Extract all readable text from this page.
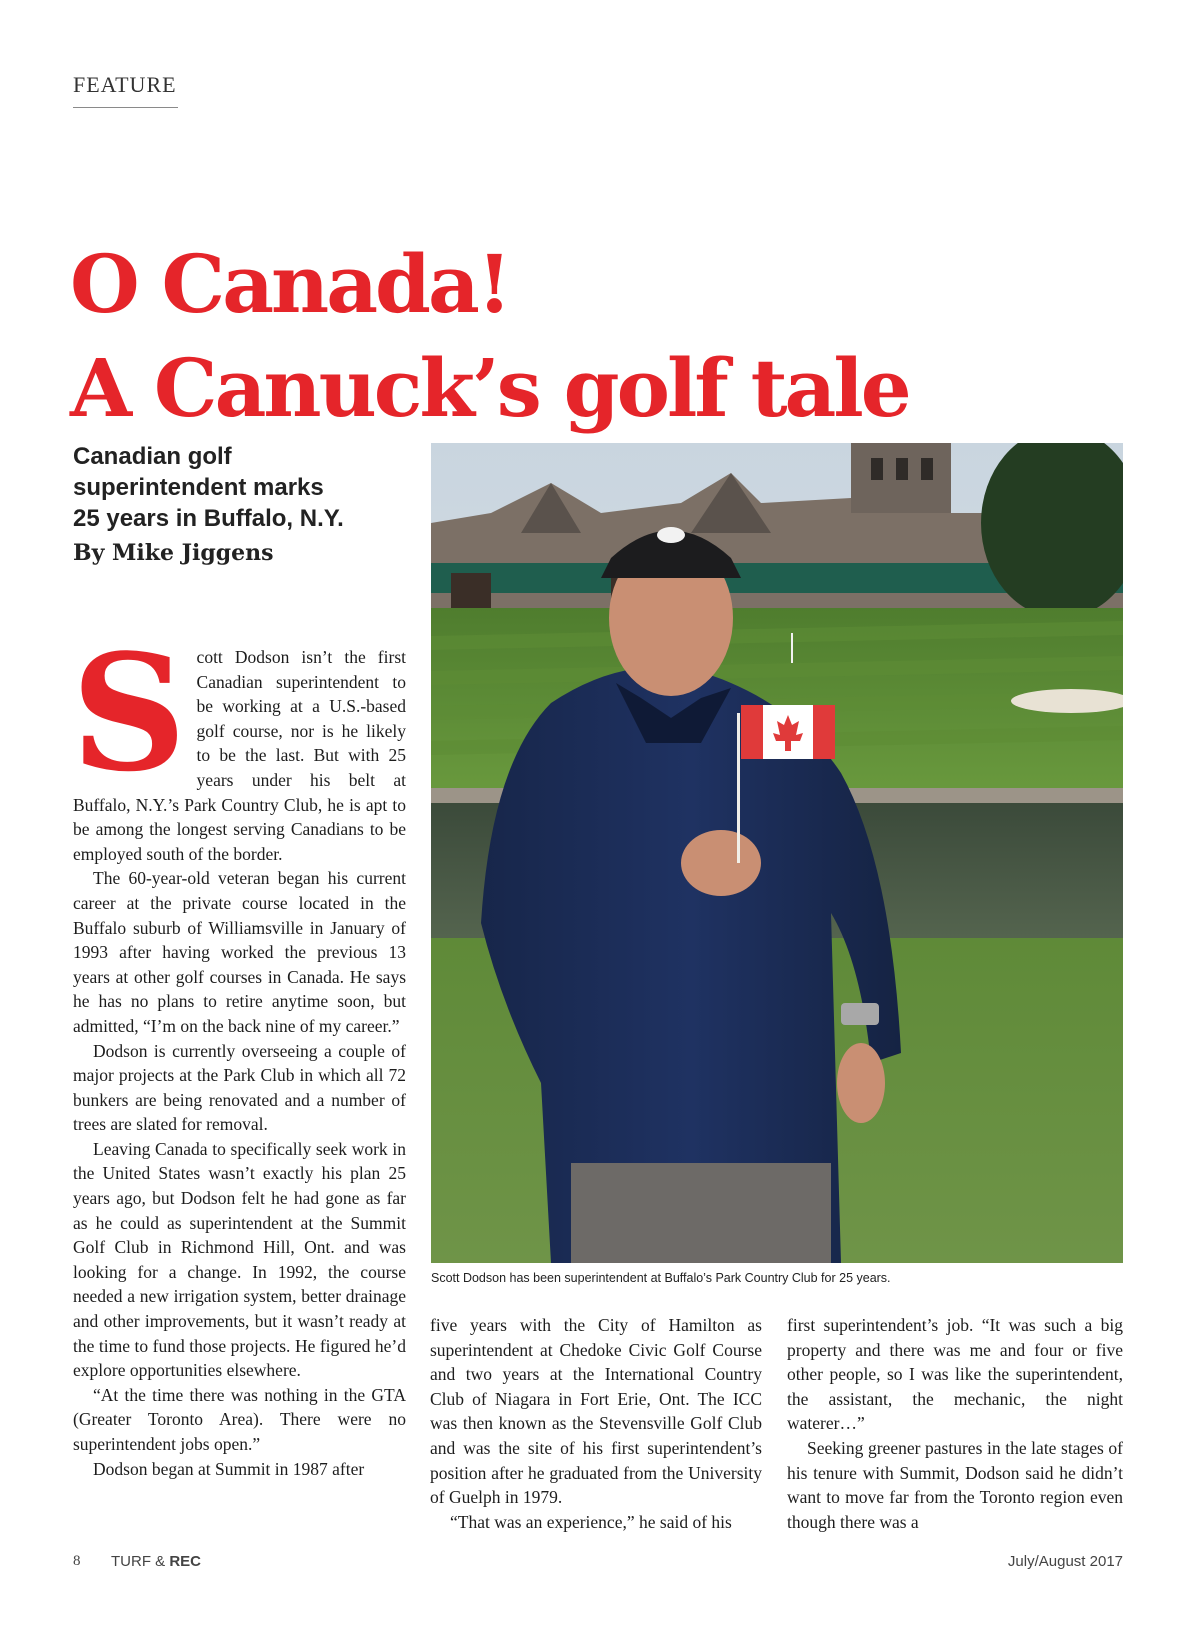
FEATURE
O Canada!
A Canuck’s golf tale
Canadian golf
superintendent marks
25 years in Buffalo, N.Y.
By Mike Jiggens

Scott Dodson isn’t the first Canadian superintendent to be working at a U.S.-based golf course, nor is he likely to be the last. But with 25 years under his belt at Buffalo, N.Y.’s Park Country Club, he is apt to be among the longest serving Canadians to be employed south of the border.

The 60-year-old veteran began his current career at the private course located in the Buffalo suburb of Williamsville in January of 1993 after having worked the previous 13 years at other golf courses in Canada. He says he has no plans to retire anytime soon, but admitted, “I’m on the back nine of my career.”

Dodson is currently overseeing a couple of major projects at the Park Club in which all 72 bunkers are being renovated and a number of trees are slated for removal.

Leaving Canada to specifically seek work in the United States wasn’t exactly his plan 25 years ago, but Dodson felt he had gone as far as he could as superintendent at the Summit Golf Club in Richmond Hill, Ont. and was looking for a change. In 1992, the course needed a new irrigation system, better drainage and other improvements, but it wasn’t ready at the time to fund those projects. He figured he’d explore opportunities elsewhere.

“At the time there was nothing in the GTA (Greater Toronto Area). There were no superintendent jobs open.”

Dodson began at Summit in 1987 after

Scott Dodson has been superintendent at Buffalo’s Park Country Club for 25 years.

five years with the City of Hamilton as superintendent at Chedoke Civic Golf Course and two years at the International Country Club of Niagara in Fort Erie, Ont. The ICC was then known as the Stevensville Golf Club and was the site of his first superintendent’s position after he graduated from the University of Guelph in 1979.

“That was an experience,” he said of his

first superintendent’s job. “It was such a big property and there was me and four or five other people, so I was like the superintendent, the assistant, the mechanic, the night waterer…”

Seeking greener pastures in the late stages of his tenure with Summit, Dodson said he didn’t want to move far from the Toronto region even though there was a

8 TURF & REC	July/August 2017
